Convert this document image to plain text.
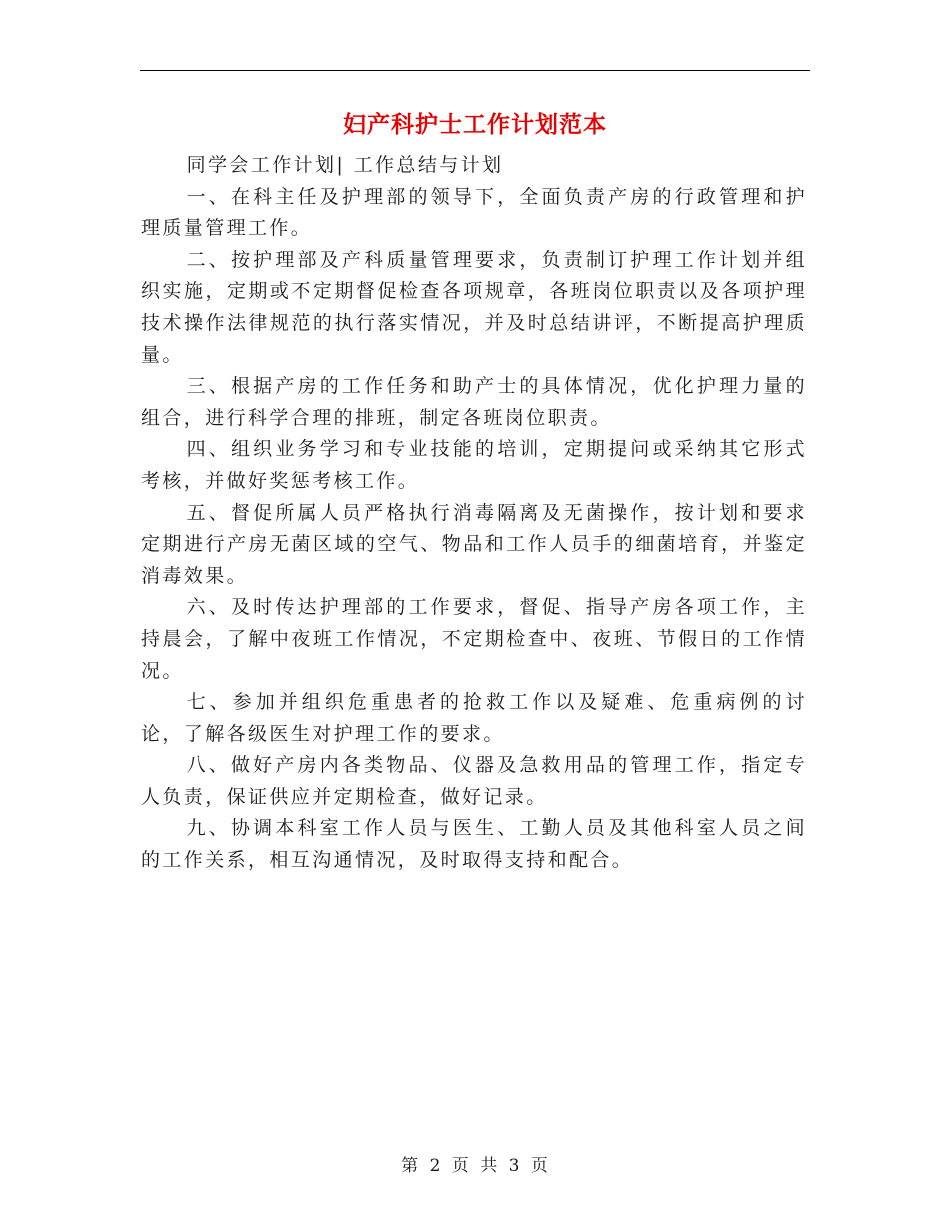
妇产科护士工作计划范本

同学会工作计划| 工作总结与计划

一、在科主任及护理部的领导下，全面负责产房的行政管理和护理质量管理工作。

二、按护理部及产科质量管理要求，负责制订护理工作计划并组织实施，定期或不定期督促检查各项规章，各班岗位职责以及各项护理技术操作法律规范的执行落实情况，并及时总结讲评，不断提高护理质量。

三、根据产房的工作任务和助产士的具体情况，优化护理力量的组合，进行科学合理的排班，制定各班岗位职责。

四、组织业务学习和专业技能的培训，定期提问或采纳其它形式考核，并做好奖惩考核工作。

五、督促所属人员严格执行消毒隔离及无菌操作，按计划和要求定期进行产房无菌区域的空气、物品和工作人员手的细菌培育，并鉴定消毒效果。

六、及时传达护理部的工作要求，督促、指导产房各项工作，主持晨会，了解中夜班工作情况，不定期检查中、夜班、节假日的工作情况。

七、参加并组织危重患者的抢救工作以及疑难、危重病例的讨论，了解各级医生对护理工作的要求。

八、做好产房内各类物品、仪器及急救用品的管理工作，指定专人负责，保证供应并定期检查，做好记录。

九、协调本科室工作人员与医生、工勤人员及其他科室人员之间的工作关系，相互沟通情况，及时取得支持和配合。

第 2 页 共 3 页
